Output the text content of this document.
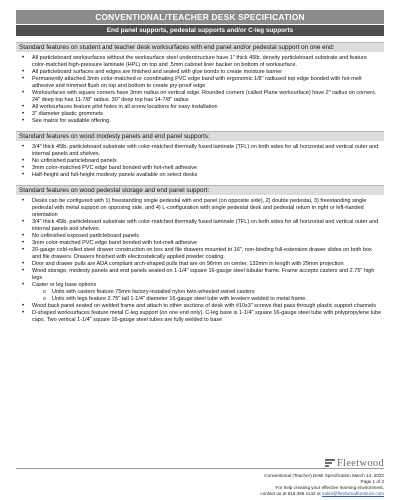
CONVENTIONAL/TEACHER DESK SPECIFICATION
End panel supports, pedestal supports and/or C-leg supports
Standard features on student and teacher desk worksurfaces with end panel and/or pedestal support on one end:
• All particleboard worksurfaces without the worksurface steel understructure have 1" thick 45lb. density particleboard substrate and feature color-matched high-pressure laminate (HPL) on top and .5mm cabinet liner backer on bottom of worksurface.
• All particleboard surfaces and edges are finished and sealed with glue bonds to create moisture barrier
• Permanently attached 3mm color-matched or coordinating PVC edge band with ergonomic 1/8" radiused top edge bonded with hot-melt adhesive and trimmed flush on top and bottom to create pry-proof edge
• Worksurfaces with square corners have 3mm radius on vertical edge. Rounded corners (called Plane worksurface) have 2" radius on corners. 24" deep top has 11-7/8" radius. 30" deep top has 14-7/8" radius
• All worksurfaces feature pilot holes in all screw locations for easy installation
• 3" diameter plastic grommets
• See matrix for available offering.
Standard features on wood modesty panels and end panel supports:
• 3/4" thick 45lb. particleboard substrate with color-matched thermally fused laminate (TFL) on both sides for all horizontal and vertical outer and internal panels and shelves.
• No unfinished particleboard panels
• 3mm color-matched PVC edge band bonded with hot-melt adhesive
• Half-height and full-height modesty panels available on select desks
Standard features on wood pedestal storage and end panel support:
• Desks can be configured with 1) freestanding single pedestal with end panel (on opposite side), 2) double pedestal, 3) freestanding single pedestal with metal support on opposing side, and 4) L-configuration with single pedestal desk and pedestal return in right or left-handed orientation
• 3/4" thick 45lb. particleboard substrate with color-matched thermally fused laminate (TFL) on both sides for all horizontal and vertical outer and internal panels and shelves.
• No unfinished exposed particleboard panels
• 3mm color-matched PVC edge band bonded with hot-melt adhesive
• 20-gauge cold-rolled steel drawer construction on box and file drawers mounted to 16", non-binding full-extension drawer slides on both box and file drawers. Drawers finished with electrostatically applied powder coating.
• Door and drawer pulls are ADA compliant arch-shaped pulls that are on 96mm on center, 132mm in length with 29mm projection
• Wood storage, modesty panels and end panels seated on 1-1/4" square 16-gauge steel tubular frame. Frame accepts casters and 2.75" high legs
• Caster or leg base options
o Units with casters feature 75mm factory-installed nylon twin-wheeled swivel casters
o Units with legs feature 2.75" tall 1-1/4" diameter 16-gauge steel tube with levelers welded to metal frame.
• Wood back panel seated on welded frame and attach to other sections of desk with #10x3" screws that pass through plastic support channels
• D-shaped worksurfaces feature metal C-leg support (on one end only). C-leg base is 1-1/4" square 16-gauge steel tube with polypropylene tube caps. Two vertical 1-1/4" square 16-gauge steel tubes are fully welded to base
Fleetwood
Conventional (Teacher) Desk Specification March 14, 2022
Page 1 of 2
For help creating your effective learning environment,
contact us at 616.396.1142 or sales@fleetwoodfurniture.com
